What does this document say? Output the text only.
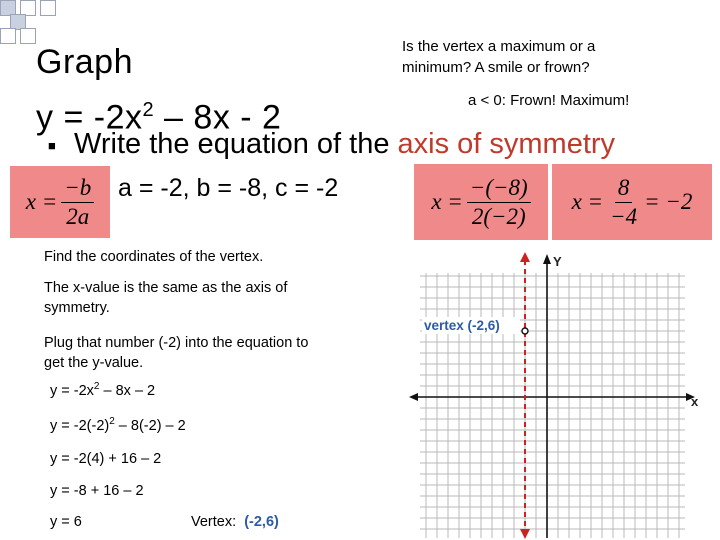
Graph
$y = -2x^2 - 8x - 2$
Is the vertex a maximum or a
minimum? A smile or frown?
a < 0: Frown! Maximum!
■ Write the equation of the axis of symmetry
$x = \frac{-b}{2a}$ a = -2, b = -8, c = -2	$x = \frac{-(-8)}{2(-2)}$ $x = \frac{8}{-4} = -2$
Find the coordinates of the vertex.
The x-value is the same as the axis of
symmetry.
Plug that number (-2) into the equation to
get the y-value.
$y = -2x^2 - 8x - 2$
$y = -2(-2)^2 - 8(-2) - 2$
y = -2(4) + 16 – 2
y = -8 + 16 – 2
y = 6	Vertex: (-2,6)
Y
x
vertex (-2,6)
